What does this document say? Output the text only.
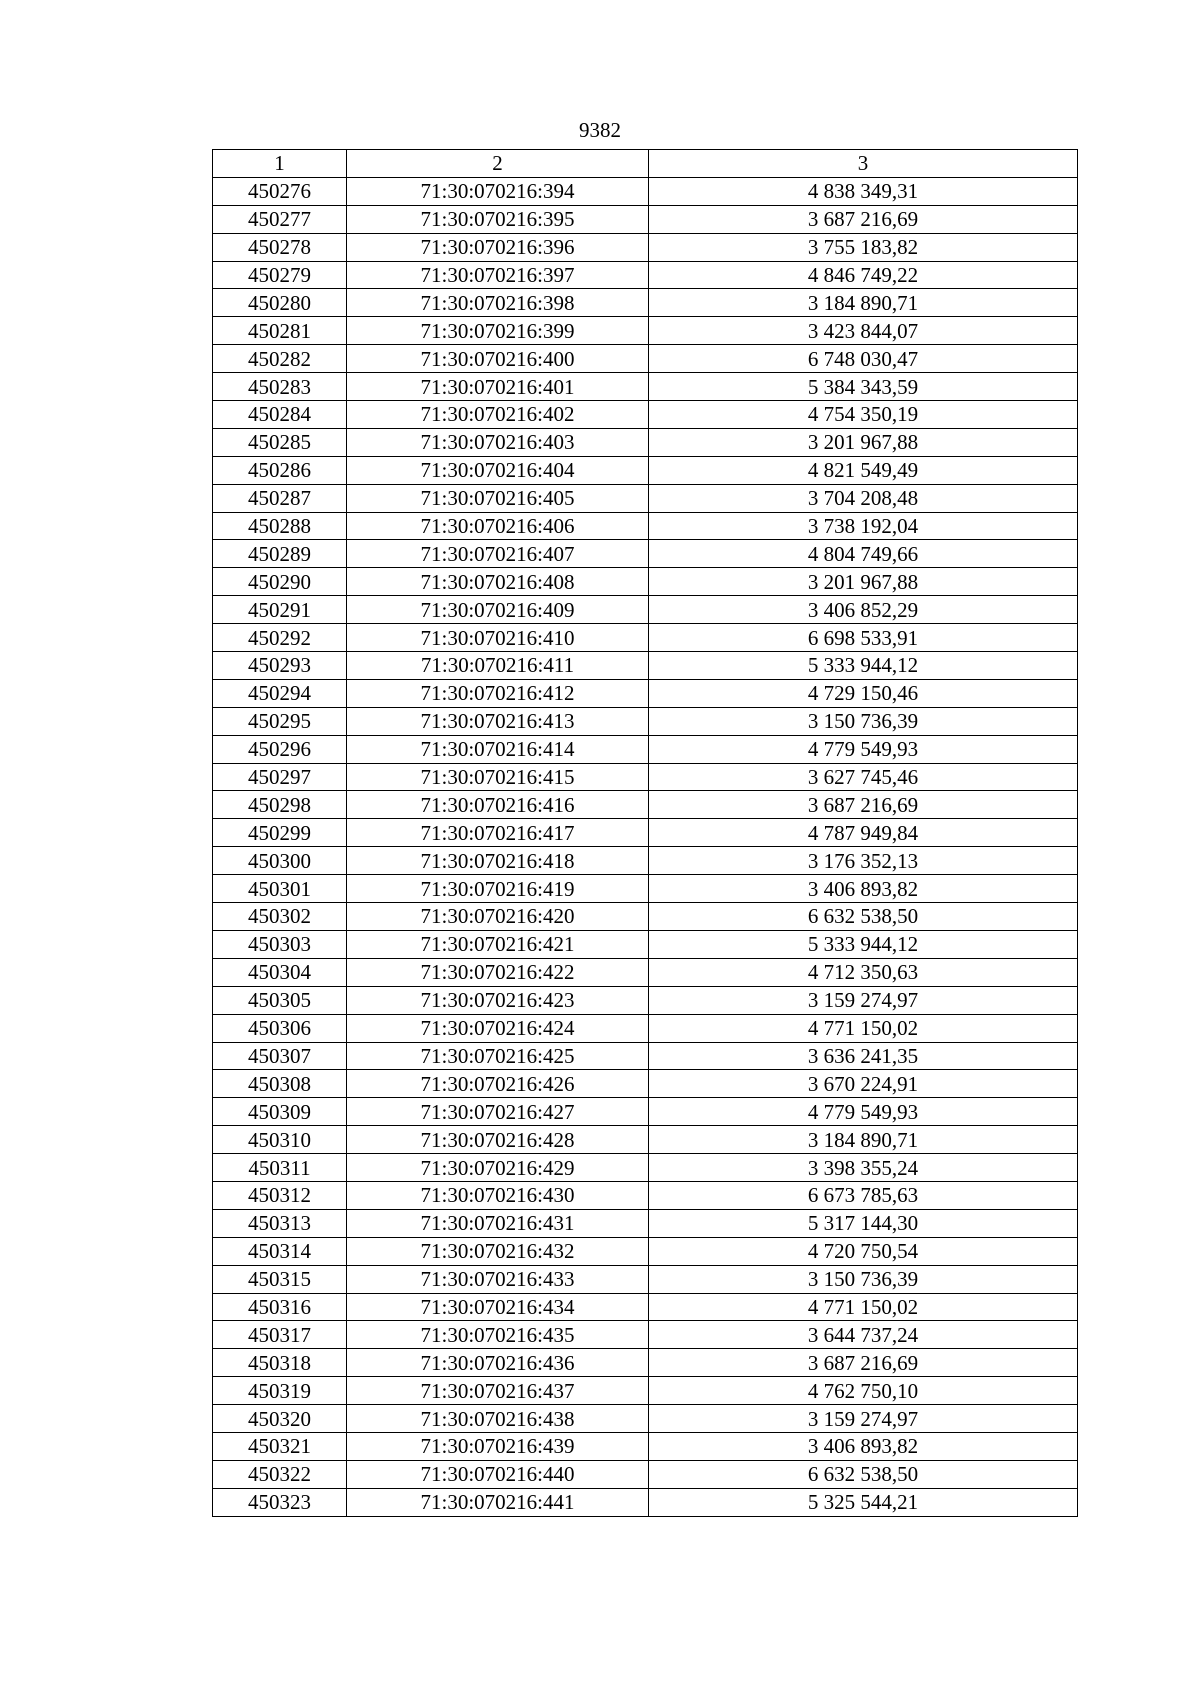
9382
1	2	3
450276	71:30:070216:394	4 838 349,31
450277	71:30:070216:395	3 687 216,69
450278	71:30:070216:396	3 755 183,82
450279	71:30:070216:397	4 846 749,22
450280	71:30:070216:398	3 184 890,71
450281	71:30:070216:399	3 423 844,07
450282	71:30:070216:400	6 748 030,47
450283	71:30:070216:401	5 384 343,59
450284	71:30:070216:402	4 754 350,19
450285	71:30:070216:403	3 201 967,88
450286	71:30:070216:404	4 821 549,49
450287	71:30:070216:405	3 704 208,48
450288	71:30:070216:406	3 738 192,04
450289	71:30:070216:407	4 804 749,66
450290	71:30:070216:408	3 201 967,88
450291	71:30:070216:409	3 406 852,29
450292	71:30:070216:410	6 698 533,91
450293	71:30:070216:411	5 333 944,12
450294	71:30:070216:412	4 729 150,46
450295	71:30:070216:413	3 150 736,39
450296	71:30:070216:414	4 779 549,93
450297	71:30:070216:415	3 627 745,46
450298	71:30:070216:416	3 687 216,69
450299	71:30:070216:417	4 787 949,84
450300	71:30:070216:418	3 176 352,13
450301	71:30:070216:419	3 406 893,82
450302	71:30:070216:420	6 632 538,50
450303	71:30:070216:421	5 333 944,12
450304	71:30:070216:422	4 712 350,63
450305	71:30:070216:423	3 159 274,97
450306	71:30:070216:424	4 771 150,02
450307	71:30:070216:425	3 636 241,35
450308	71:30:070216:426	3 670 224,91
450309	71:30:070216:427	4 779 549,93
450310	71:30:070216:428	3 184 890,71
450311	71:30:070216:429	3 398 355,24
450312	71:30:070216:430	6 673 785,63
450313	71:30:070216:431	5 317 144,30
450314	71:30:070216:432	4 720 750,54
450315	71:30:070216:433	3 150 736,39
450316	71:30:070216:434	4 771 150,02
450317	71:30:070216:435	3 644 737,24
450318	71:30:070216:436	3 687 216,69
450319	71:30:070216:437	4 762 750,10
450320	71:30:070216:438	3 159 274,97
450321	71:30:070216:439	3 406 893,82
450322	71:30:070216:440	6 632 538,50
450323	71:30:070216:441	5 325 544,21
